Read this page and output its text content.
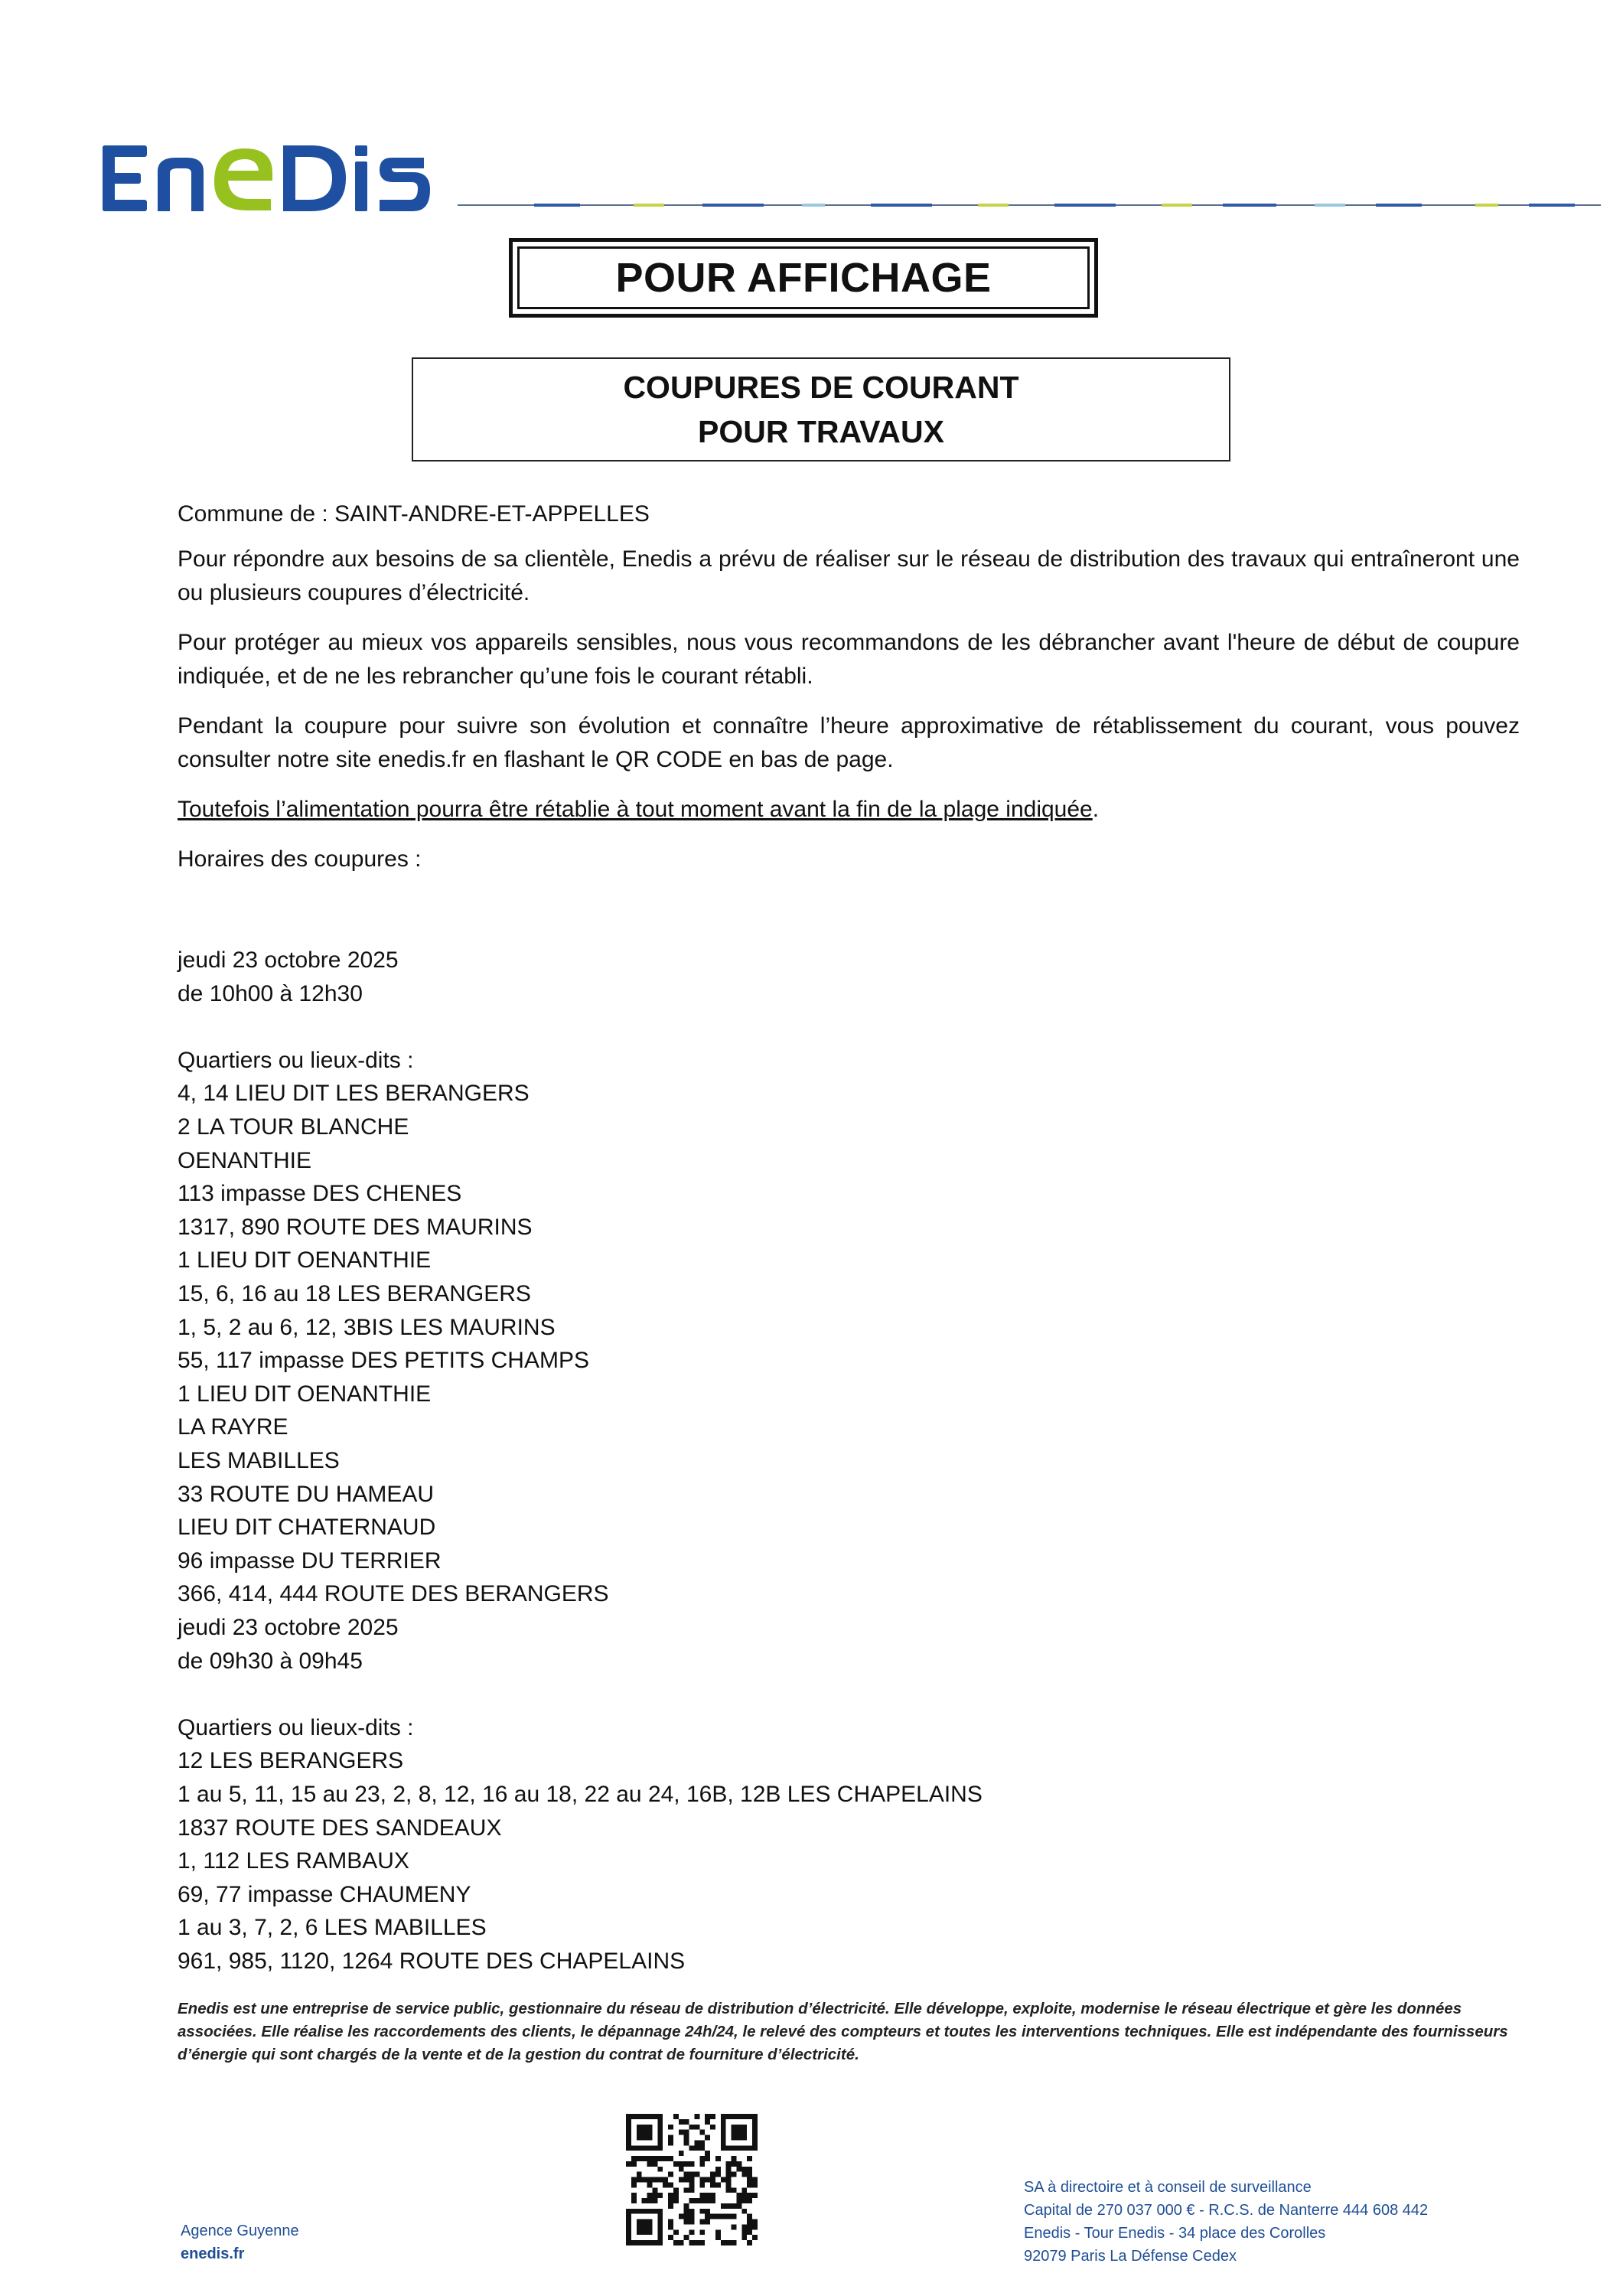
POUR AFFICHAGE
COUPURES DE COURANT
POUR TRAVAUX
Commune de : SAINT-ANDRE-ET-APPELLES
Pour répondre aux besoins de sa clientèle, Enedis a prévu de réaliser sur le réseau de distribution des travaux qui entraîneront une ou plusieurs coupures d’électricité.
Pour protéger au mieux vos appareils sensibles, nous vous recommandons de les débrancher avant l'heure de début de coupure indiquée, et de ne les rebrancher qu’une fois le courant rétabli.
Pendant la coupure pour suivre son évolution et connaître l’heure approximative de rétablissement du courant, vous pouvez consulter notre site enedis.fr en flashant le QR CODE en bas de page.
Toutefois l’alimentation pourra être rétablie à tout moment avant la fin de la plage indiquée.
Horaires des coupures :
jeudi 23 octobre 2025
de 10h00 à 12h30
Quartiers ou lieux-dits :
4, 14 LIEU DIT LES BERANGERS
2 LA TOUR BLANCHE
OENANTHIE
113 impasse DES CHENES
1317, 890 ROUTE DES MAURINS
1 LIEU DIT OENANTHIE
15, 6, 16 au 18 LES BERANGERS
1, 5, 2 au 6, 12, 3BIS LES MAURINS
55, 117 impasse DES PETITS CHAMPS
1 LIEU DIT OENANTHIE
LA RAYRE
LES MABILLES
33 ROUTE DU HAMEAU
LIEU DIT CHATERNAUD
96 impasse DU TERRIER
366, 414, 444 ROUTE DES BERANGERS
jeudi 23 octobre 2025
de 09h30 à 09h45
Quartiers ou lieux-dits :
12 LES BERANGERS
1 au 5, 11, 15 au 23, 2, 8, 12, 16 au 18, 22 au 24, 16B, 12B LES CHAPELAINS
1837 ROUTE DES SANDEAUX
1, 112 LES RAMBAUX
69, 77 impasse CHAUMENY
1 au 3, 7, 2, 6 LES MABILLES
961, 985, 1120, 1264 ROUTE DES CHAPELAINS
Enedis est une entreprise de service public, gestionnaire du réseau de distribution d’électricité. Elle développe, exploite, modernise le réseau électrique et gère les données associées. Elle réalise les raccordements des clients, le dépannage 24h/24, le relevé des compteurs et toutes les interventions techniques. Elle est indépendante des fournisseurs d’énergie qui sont chargés de la vente et de la gestion du contrat de fourniture d’électricité.
Agence Guyenne
enedis.fr
SA à directoire et à conseil de surveillance
Capital de 270 037 000 € - R.C.S. de Nanterre 444 608 442
Enedis - Tour Enedis - 34 place des Corolles
92079 Paris La Défense Cedex
